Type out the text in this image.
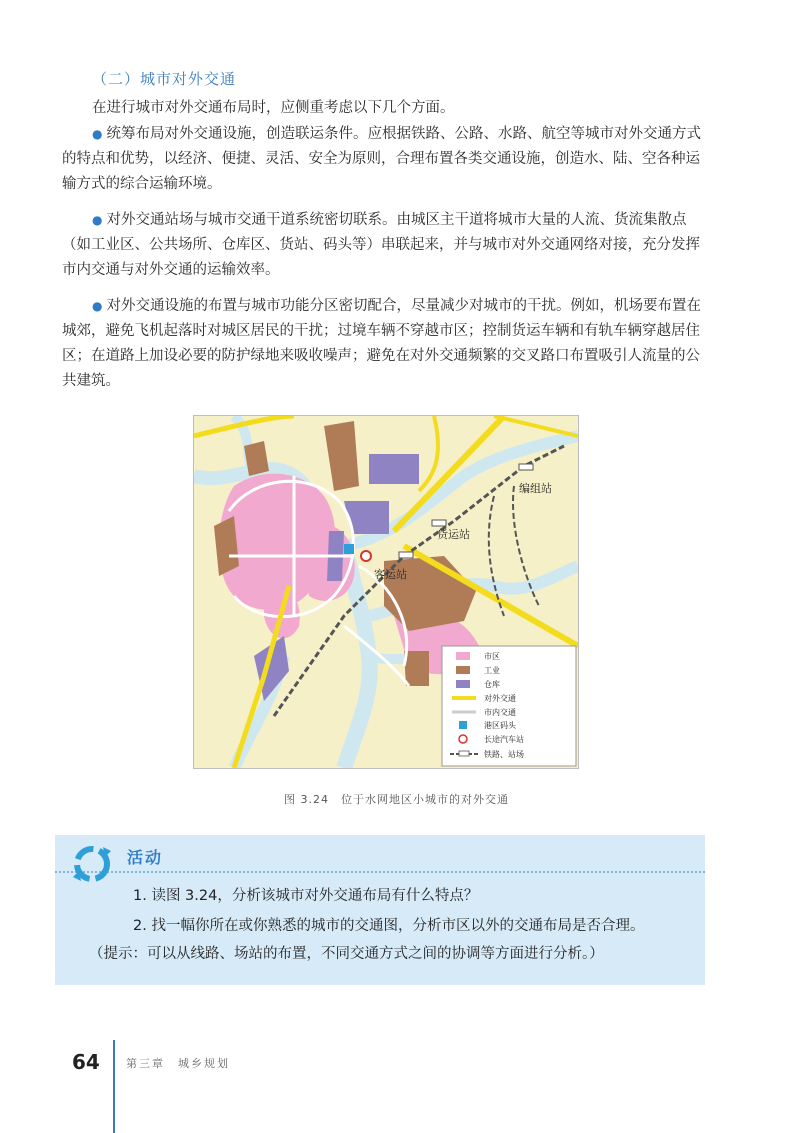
（二）城市对外交通
在进行城市对外交通布局时，应侧重考虑以下几个方面。

● 统筹布局对外交通设施，创造联运条件。应根据铁路、公路、水路、航空等城市对外交通方式的特点和优势，以经济、便捷、灵活、安全为原则，合理布置各类交通设施，创造水、陆、空各种运输方式的综合运输环境。

● 对外交通站场与城市交通干道系统密切联系。由城区主干道将城市大量的人流、货流集散点（如工业区、公共场所、仓库区、货站、码头等）串联起来，并与城市对外交通网络对接，充分发挥市内交通与对外交通的运输效率。

● 对外交通设施的布置与城市功能分区密切配合，尽量减少对城市的干扰。例如，机场要布置在城郊，避免飞机起落时对城区居民的干扰；过境车辆不穿越市区；控制货运车辆和有轨车辆穿越居住区；在道路上加设必要的防护绿地来吸收噪声；避免在对外交通频繁的交叉路口布置吸引人流量的公共建筑。

编组站
货运站
客运站
市区
工业
仓库
对外交通
市内交通
港区码头
长途汽车站
铁路、站场
图 3.24　位于水网地区小城市的对外交通
活动
1. 读图 3.24，分析该城市对外交通布局有什么特点？
2. 找一幅你所在或你熟悉的城市的交通图，分析市区以外的交通布局是否合理。
（提示：可以从线路、场站的布置，不同交通方式之间的协调等方面进行分析。）
64 第三章　城乡规划
